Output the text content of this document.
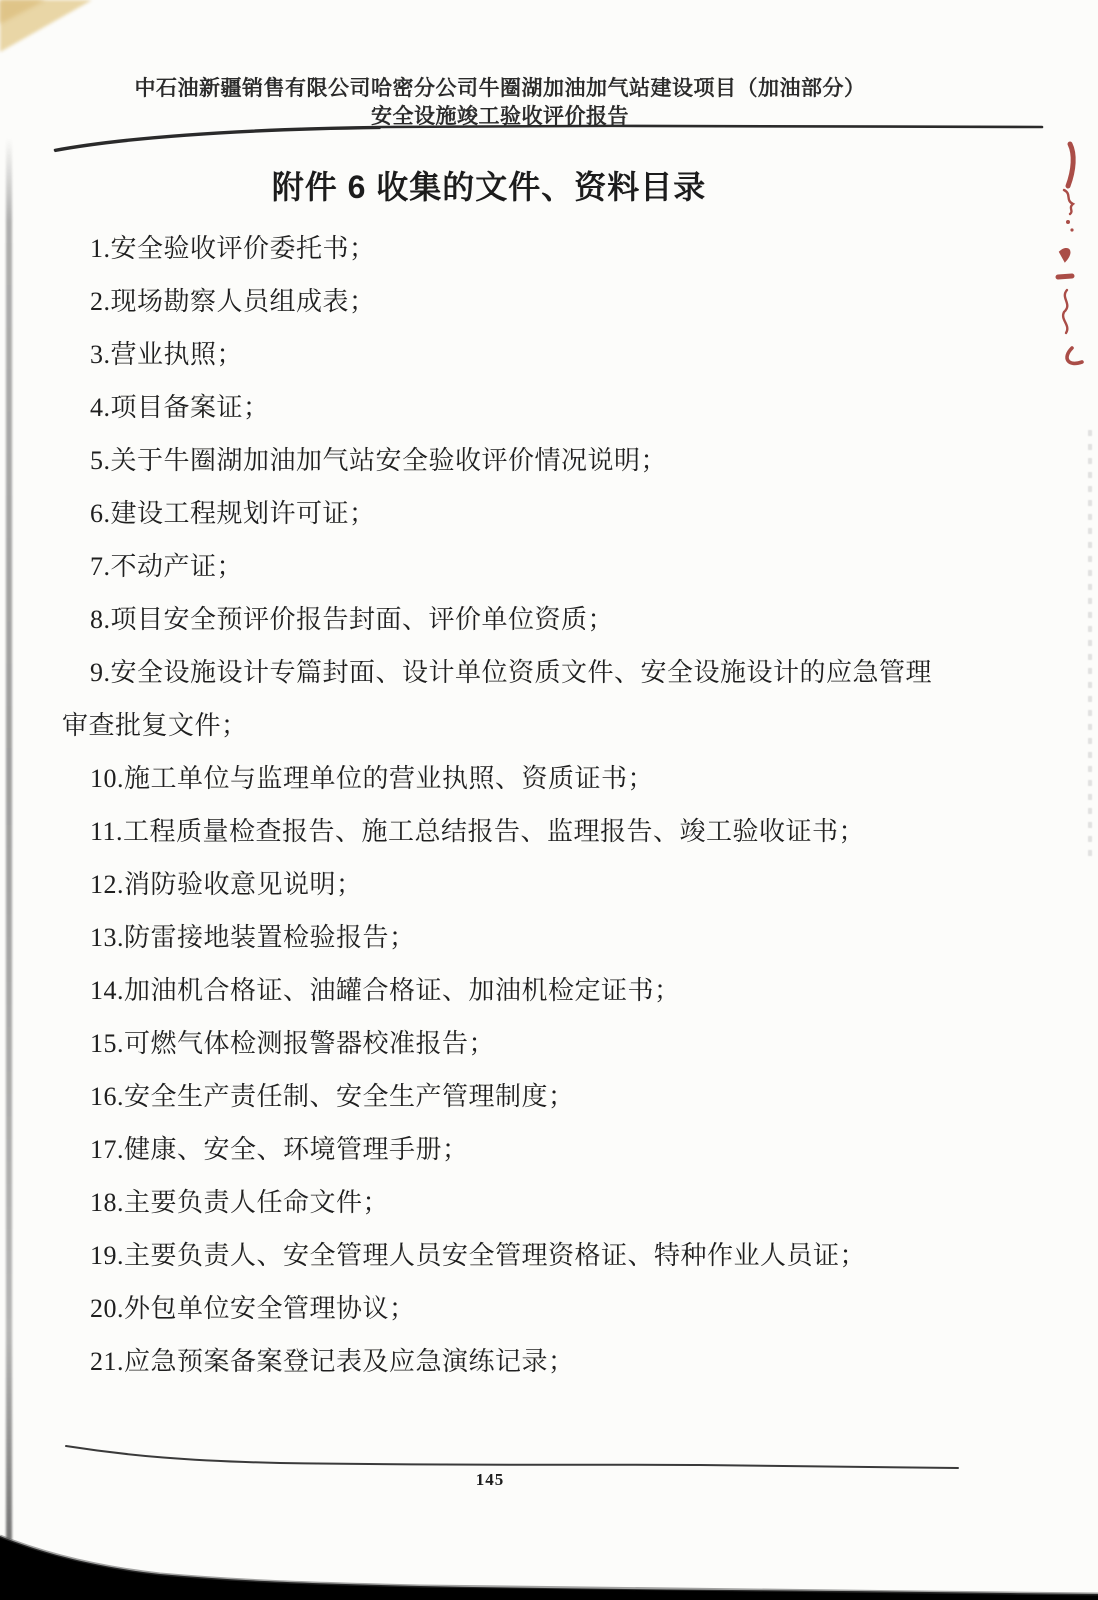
中石油新疆销售有限公司哈密分公司牛圈湖加油加气站建设项目（加油部分）
安全设施竣工验收评价报告
附件 6 收集的文件、资料目录

1.安全验收评价委托书；

2.现场勘察人员组成表；

3.营业执照；

4.项目备案证；

5.关于牛圈湖加油加气站安全验收评价情况说明；

6.建设工程规划许可证；

7.不动产证；

8.项目安全预评价报告封面、评价单位资质；

9.安全设施设计专篇封面、设计单位资质文件、安全设施设计的应急管理

审查批复文件；

10.施工单位与监理单位的营业执照、资质证书；

11.工程质量检查报告、施工总结报告、监理报告、竣工验收证书；

12.消防验收意见说明；

13.防雷接地装置检验报告；

14.加油机合格证、油罐合格证、加油机检定证书；

15.可燃气体检测报警器校准报告；

16.安全生产责任制、安全生产管理制度；

17.健康、安全、环境管理手册；

18.主要负责人任命文件；

19.主要负责人、安全管理人员安全管理资格证、特种作业人员证；

20.外包单位安全管理协议；

21.应急预案备案登记表及应急演练记录；

145
